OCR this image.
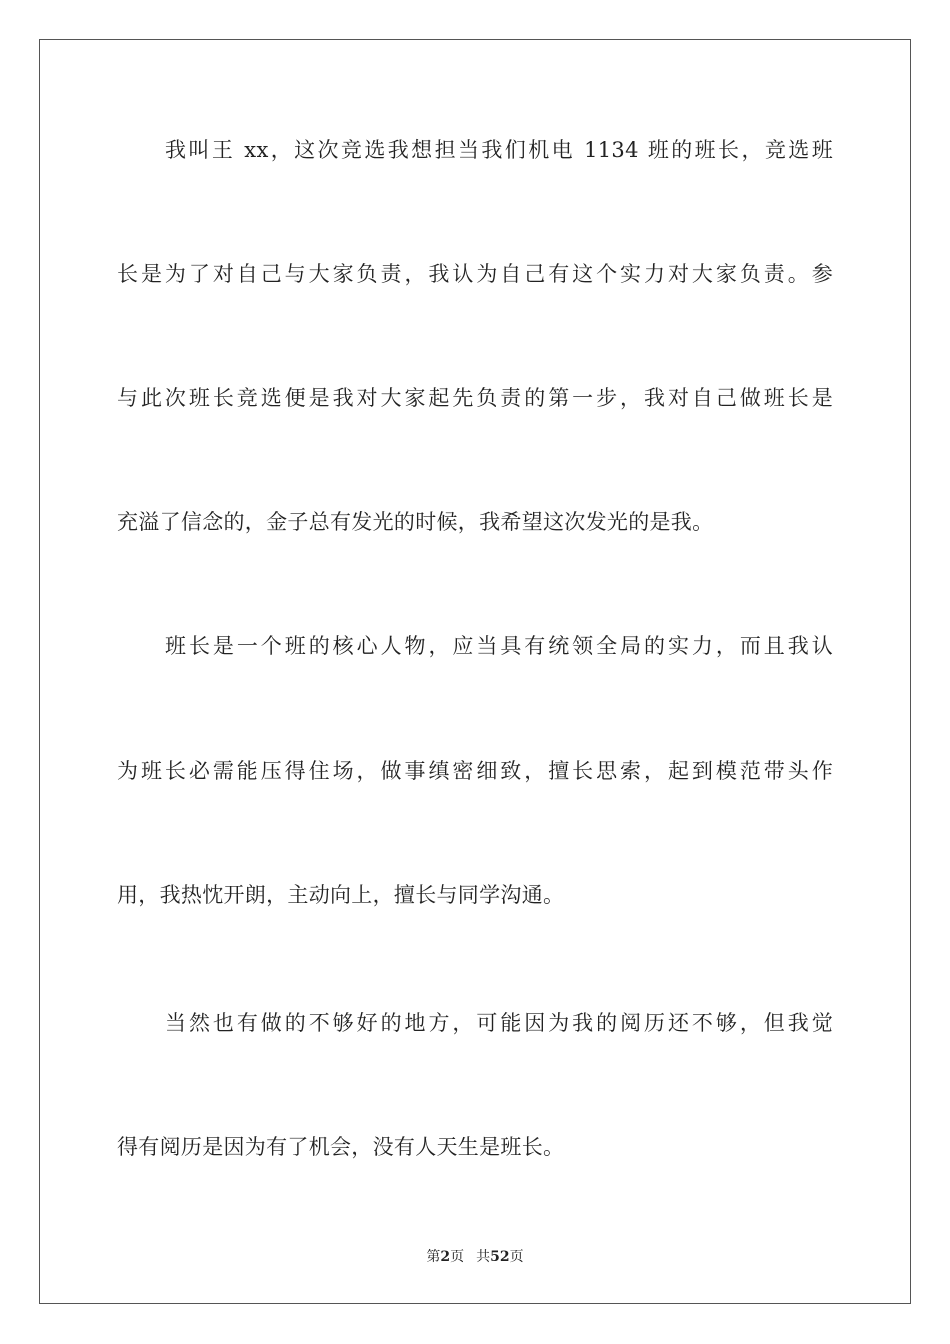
我叫王 xx，这次竞选我想担当我们机电 1134 班的班长，竞选班
长是为了对自己与大家负责，我认为自己有这个实力对大家负责。参
与此次班长竞选便是我对大家起先负责的第一步，我对自己做班长是
充溢了信念的，金子总有发光的时候，我希望这次发光的是我。
班长是一个班的核心人物，应当具有统领全局的实力，而且我认
为班长必需能压得住场，做事缜密细致，擅长思索，起到模范带头作
用，我热忱开朗，主动向上，擅长与同学沟通。
当然也有做的不够好的地方，可能因为我的阅历还不够，但我觉
得有阅历是因为有了机会，没有人天生是班长。
第2页 共52页
